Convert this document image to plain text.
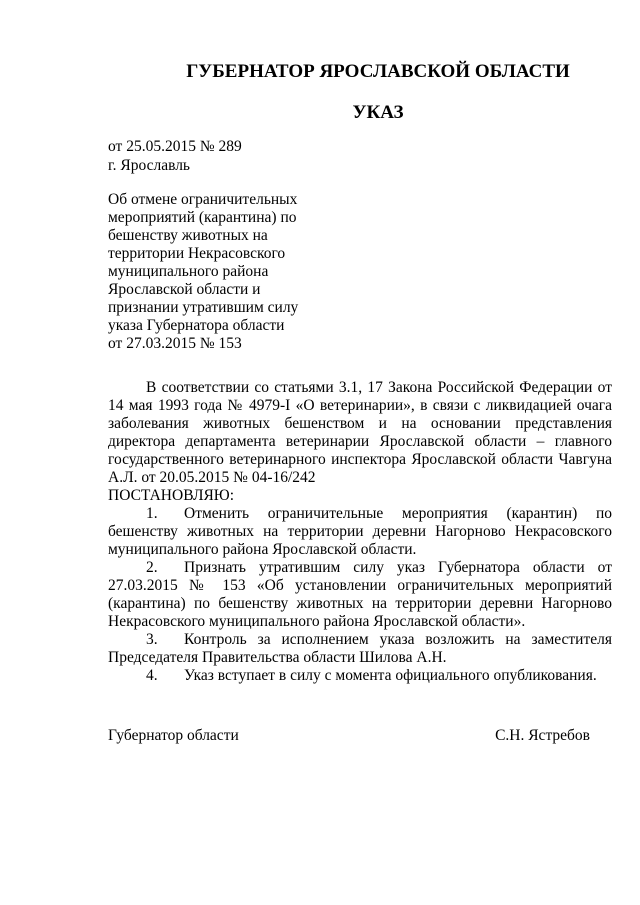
ГУБЕРНАТОР ЯРОСЛАВСКОЙ ОБЛАСТИ
УКАЗ
от 25.05.2015 № 289
г. Ярославль
Об отмене ограничительных
мероприятий (карантина) по
бешенству животных на
территории Некрасовского
муниципального района
Ярославской области и
признании утратившим силу
указа Губернатора области
от 27.03.2015 № 153

В соответствии со статьями 3.1, 17 Закона Российской Федерации от 14 мая 1993 года № 4979-I «О ветеринарии», в связи с ликвидацией очага заболевания животных бешенством и на основании представления директора департамента ветеринарии Ярославской области – главного государственного ветеринарного инспектора Ярославской области Чавгуна А.Л. от 20.05.2015 № 04-16/242

ПОСТАНОВЛЯЮ:

1. Отменить ограничительные мероприятия (карантин) по бешенству животных на территории деревни Нагорново Некрасовского муниципального района Ярославской области.

2. Признать утратившим силу указ Губернатора области от 27.03.2015 № 153 «Об установлении ограничительных мероприятий (карантина) по бешенству животных на территории деревни Нагорново Некрасовского муниципального района Ярославской области».

3. Контроль за исполнением указа возложить на заместителя Председателя Правительства области Шилова А.Н.

4. Указ вступает в силу с момента официального опубликования.

Губернатор области	С.Н. Ястребов
